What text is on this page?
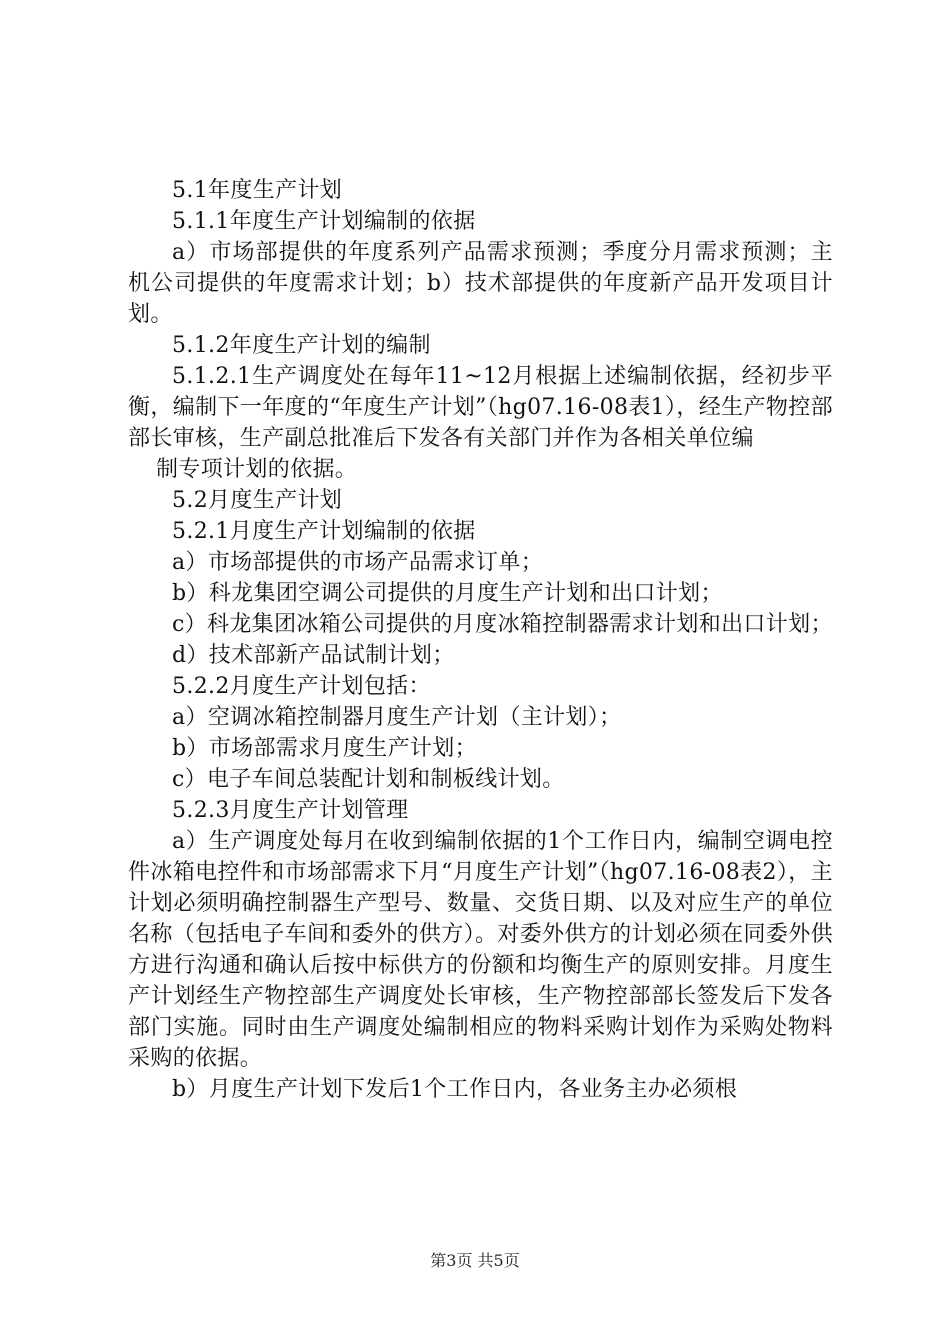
5.1年度生产计划

5.1.1年度生产计划编制的依据

a）市场部提供的年度系列产品需求预测；季度分月需求预测；主机公司提供的年度需求计划；b）技术部提供的年度新产品开发项目计划。

5.1.2年度生产计划的编制

5.1.2.1生产调度处在每年11~12月根据上述编制依据，经初步平衡，编制下一年度的“年度生产计划”（hg07.16-08表1），经生产物控部部长审核，生产副总批准后下发各有关部门并作为各相关单位编

制专项计划的依据。

5.2月度生产计划

5.2.1月度生产计划编制的依据

a）市场部提供的市场产品需求订单；

b）科龙集团空调公司提供的月度生产计划和出口计划；

c）科龙集团冰箱公司提供的月度冰箱控制器需求计划和出口计划；

d）技术部新产品试制计划；

5.2.2月度生产计划包括：

a）空调冰箱控制器月度生产计划（主计划）；

b）市场部需求月度生产计划；

c）电子车间总装配计划和制板线计划。

5.2.3月度生产计划管理

a）生产调度处每月在收到编制依据的1个工作日内，编制空调电控件冰箱电控件和市场部需求下月“月度生产计划”（hg07.16-08表2），主计划必须明确控制器生产型号、数量、交货日期、以及对应生产的单位名称（包括电子车间和委外的供方）。对委外供方的计划必须在同委外供方进行沟通和确认后按中标供方的份额和均衡生产的原则安排。月度生产计划经生产物控部生产调度处长审核，生产物控部部长签发后下发各部门实施。同时由生产调度处编制相应的物料采购计划作为采购处物料采购的依据。

b）月度生产计划下发后1个工作日内，各业务主办必须根

第3页 共5页
